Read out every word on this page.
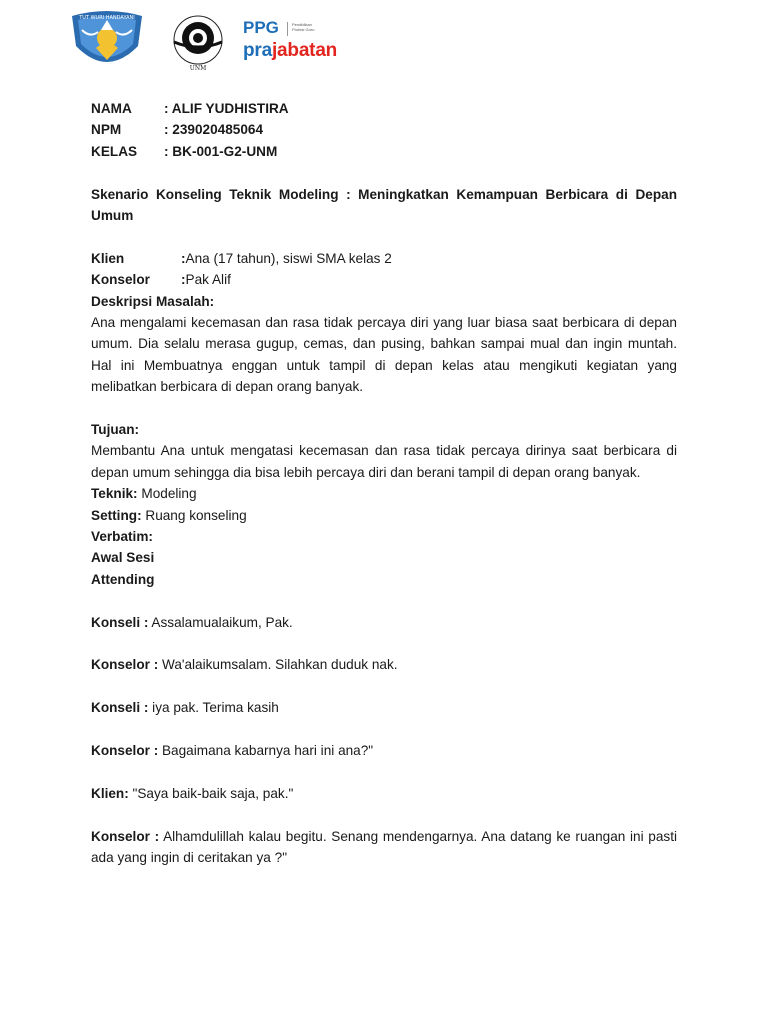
TUT WURI HANDAYANI
UNM
PPG	Pendidikan Profesi Guru
prajabatan
NAMA	: ALIF YUDHISTIRA
NPM	: 239020485064
KELAS	: BK-001-G2-UNM

Skenario Konseling Teknik Modeling : Meningkatkan Kemampuan Berbicara di Depan Umum

Klien	: Ana (17 tahun), siswi SMA kelas 2
Konselor	: Pak Alif

Deskripsi Masalah:

Ana mengalami kecemasan dan rasa tidak percaya diri yang luar biasa saat berbicara di depan umum. Dia selalu merasa gugup, cemas, dan pusing, bahkan sampai mual dan ingin muntah. Hal ini Membuatnya enggan untuk tampil di depan kelas atau mengikuti kegiatan yang melibatkan berbicara di depan orang banyak.

Tujuan:

Membantu Ana untuk mengatasi kecemasan dan rasa tidak percaya dirinya saat berbicara di depan umum sehingga dia bisa lebih percaya diri dan berani tampil di depan orang banyak.

Teknik: Modeling

Setting: Ruang konseling

Verbatim:

Awal Sesi

Attending

Konseli : Assalamualaikum, Pak.

Konselor : Wa'alaikumsalam. Silahkan duduk nak.

Konseli : iya pak. Terima kasih

Konselor : Bagaimana kabarnya hari ini ana?"

Klien: "Saya baik-baik saja, pak."

Konselor : Alhamdulillah kalau begitu. Senang mendengarnya. Ana datang ke ruangan ini pasti ada yang ingin di ceritakan ya ?"
